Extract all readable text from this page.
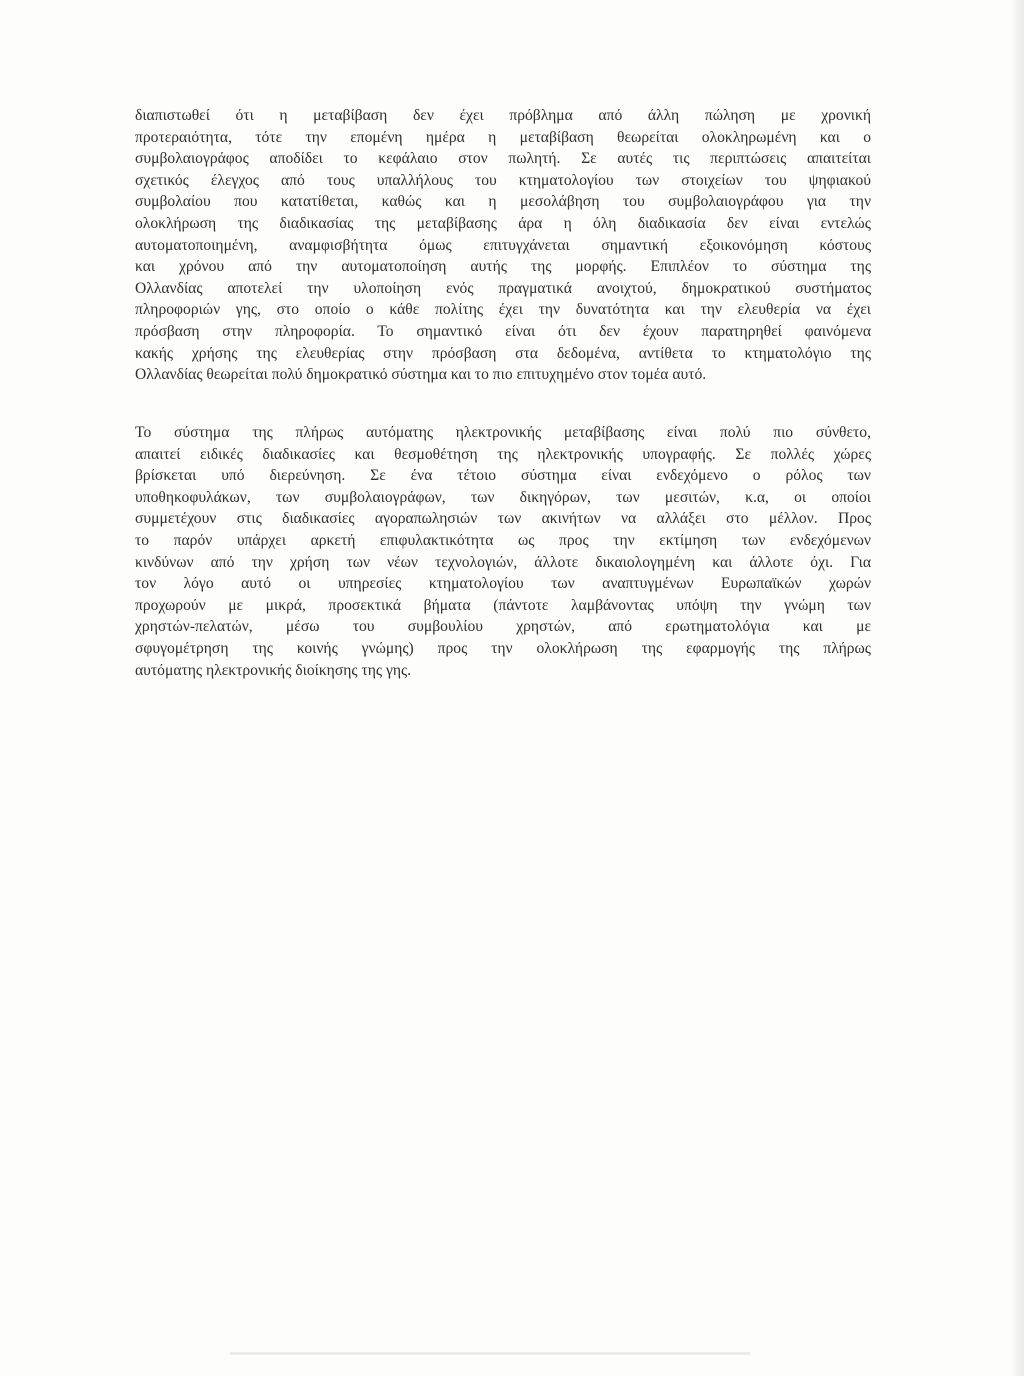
διαπιστωθεί ότι η μεταβίβαση δεν έχει πρόβλημα από άλλη πώληση με χρονική
προτεραιότητα, τότε την επομένη ημέρα η μεταβίβαση θεωρείται ολοκληρωμένη και ο
συμβολαιογράφος αποδίδει το κεφάλαιο στον πωλητή. Σε αυτές τις περιπτώσεις απαιτείται
σχετικός έλεγχος από τους υπαλλήλους του κτηματολογίου των στοιχείων του ψηφιακού
συμβολαίου που κατατίθεται, καθώς και η μεσολάβηση του συμβολαιογράφου για την
ολοκλήρωση της διαδικασίας της μεταβίβασης άρα η όλη διαδικασία δεν είναι εντελώς
αυτοματοποιημένη, αναμφισβήτητα όμως επιτυγχάνεται σημαντική εξοικονόμηση κόστους
και χρόνου από την αυτοματοποίηση αυτής της μορφής. Επιπλέον το σύστημα της
Ολλανδίας αποτελεί την υλοποίηση ενός πραγματικά ανοιχτού, δημοκρατικού συστήματος
πληροφοριών γης, στο οποίο ο κάθε πολίτης έχει την δυνατότητα και την ελευθερία να έχει
πρόσβαση στην πληροφορία. Το σημαντικό είναι ότι δεν έχουν παρατηρηθεί φαινόμενα
κακής χρήσης της ελευθερίας στην πρόσβαση στα δεδομένα, αντίθετα το κτηματολόγιο της
Ολλανδίας θεωρείται πολύ δημοκρατικό σύστημα και το πιο επιτυχημένο στον τομέα αυτό.
Το σύστημα της πλήρως αυτόματης ηλεκτρονικής μεταβίβασης είναι πολύ πιο σύνθετο,
απαιτεί ειδικές διαδικασίες και θεσμοθέτηση της ηλεκτρονικής υπογραφής. Σε πολλές χώρες
βρίσκεται υπό διερεύνηση. Σε ένα τέτοιο σύστημα είναι ενδεχόμενο ο ρόλος των
υποθηκοφυλάκων, των συμβολαιογράφων, των δικηγόρων, των μεσιτών, κ.α, οι οποίοι
συμμετέχουν στις διαδικασίες αγοραπωλησιών των ακινήτων να αλλάξει στο μέλλον. Προς
το παρόν υπάρχει αρκετή επιφυλακτικότητα ως προς την εκτίμηση των ενδεχόμενων
κινδύνων από την χρήση των νέων τεχνολογιών, άλλοτε δικαιολογημένη και άλλοτε όχι. Για
τον λόγο αυτό οι υπηρεσίες κτηματολογίου των αναπτυγμένων Ευρωπαϊκών χωρών
προχωρούν με μικρά, προσεκτικά βήματα (πάντοτε λαμβάνοντας υπόψη την γνώμη των
χρηστών-πελατών, μέσω του συμβουλίου χρηστών, από ερωτηματολόγια και με
σφυγομέτρηση της κοινής γνώμης) προς την ολοκλήρωση της εφαρμογής της πλήρως
αυτόματης ηλεκτρονικής διοίκησης της γης.
